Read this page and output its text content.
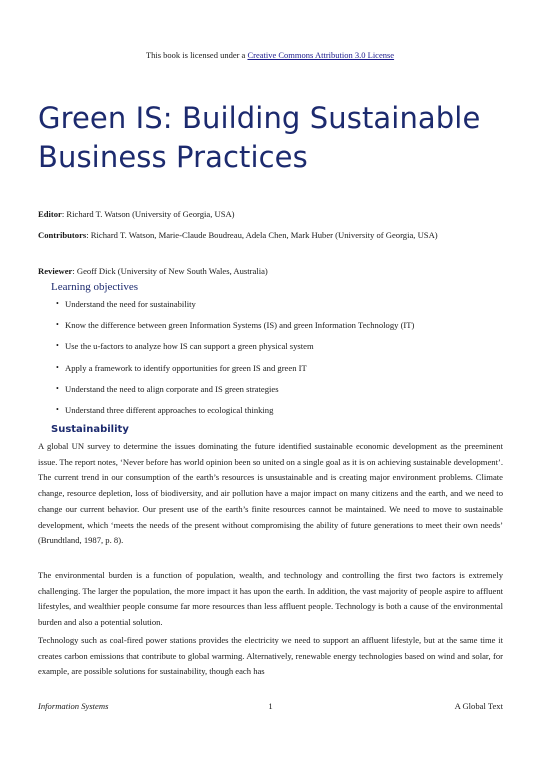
This book is licensed under a Creative Commons Attribution 3.0 License
Green IS: Building Sustainable Business Practices

Editor: Richard T. Watson (University of Georgia, USA)

Contributors: Richard T. Watson, Marie-Claude Boudreau, Adela Chen, Mark Huber (University of Georgia, USA)

Reviewer: Geoff Dick (University of New South Wales, Australia)

Learning objectives
• Understand the need for sustainability
• Know the difference between green Information Systems (IS) and green Information Technology (IT)
• Use the u-factors to analyze how IS can support a green physical system
• Apply a framework to identify opportunities for green IS and green IT
• Understand the need to align corporate and IS green strategies
• Understand three different approaches to ecological thinking
Sustainability

A global UN survey to determine the issues dominating the future identified sustainable economic development as the preeminent issue. The report notes, ‘Never before has world opinion been so united on a single goal as it is on achieving sustainable development’. The current trend in our consumption of the earth’s resources is unsustainable and is creating major environment problems. Climate change, resource depletion, loss of biodiversity, and air pollution have a major impact on many citizens and the earth, and we need to change our current behavior. Our present use of the earth’s finite resources cannot be maintained. We need to move to sustainable development, which ‘meets the needs of the present without compromising the ability of future generations to meet their own needs’ (Brundtland, 1987, p. 8).

The environmental burden is a function of population, wealth, and technology and controlling the first two factors is extremely challenging. The larger the population, the more impact it has upon the earth. In addition, the vast majority of people aspire to affluent lifestyles, and wealthier people consume far more resources than less affluent people. Technology is both a cause of the environmental burden and also a potential solution.

Technology such as coal-fired power stations provides the electricity we need to support an affluent lifestyle, but at the same time it creates carbon emissions that contribute to global warming. Alternatively, renewable energy technologies based on wind and solar, for example, are possible solutions for sustainability, though each has

Information Systems	1	A Global Text
